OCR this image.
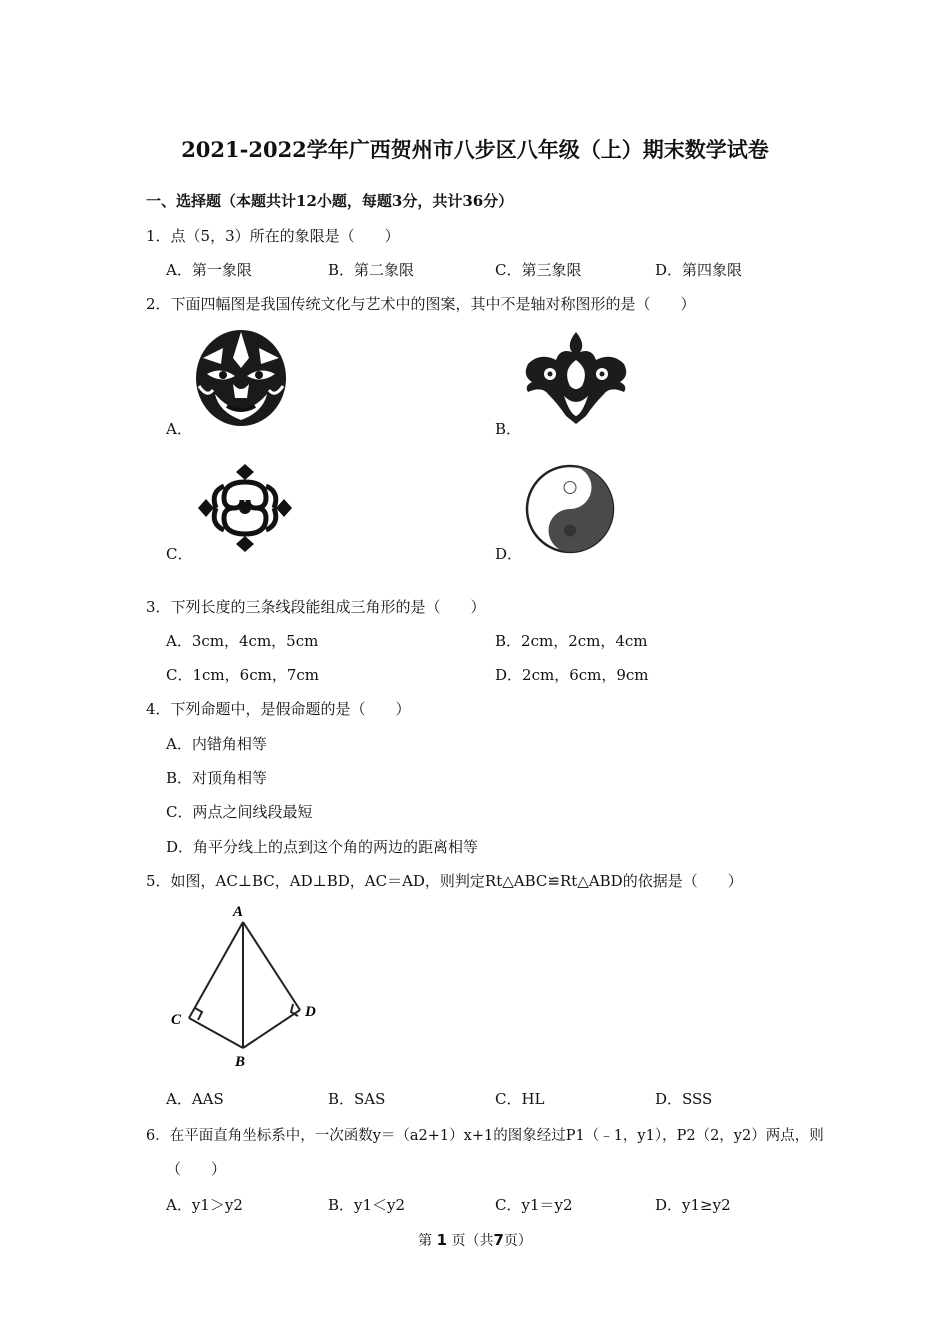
2021-2022学年广西贺州市八步区八年级（上）期末数学试卷
一、选择题（本题共计12小题，每题3分，共计36分）
1．点（5，3）所在的象限是（　　）
A．第一象限	B．第二象限	C．第三象限	D．第四象限
2．下面四幅图是我国传统文化与艺术中的图案，其中不是轴对称图形的是（　　）
A．	B．
C．	D．
3．下列长度的三条线段能组成三角形的是（　　）
A．3cm，4cm，5cm	B．2cm，2cm，4cm
C．1cm，6cm，7cm	D．2cm，6cm，9cm
4．下列命题中，是假命题的是（　　）
A．内错角相等
B．对顶角相等
C．两点之间线段最短
D．角平分线上的点到这个角的两边的距离相等
5．如图，AC⊥BC，AD⊥BD，AC＝AD，则判定Rt△ABC≌Rt△ABD的依据是（　　）
A
C	D
B
A．AAS	B．SAS	C．HL	D．SSS
6．在平面直角坐标系中，一次函数y＝（a2+1）x+1的图象经过P1（﹣1，y1），P2（2，y2）两点，则
（　　）
A．y1＞y2	B．y1＜y2	C．y1＝y2	D．y1≥y2
第 1 页（共7页）
